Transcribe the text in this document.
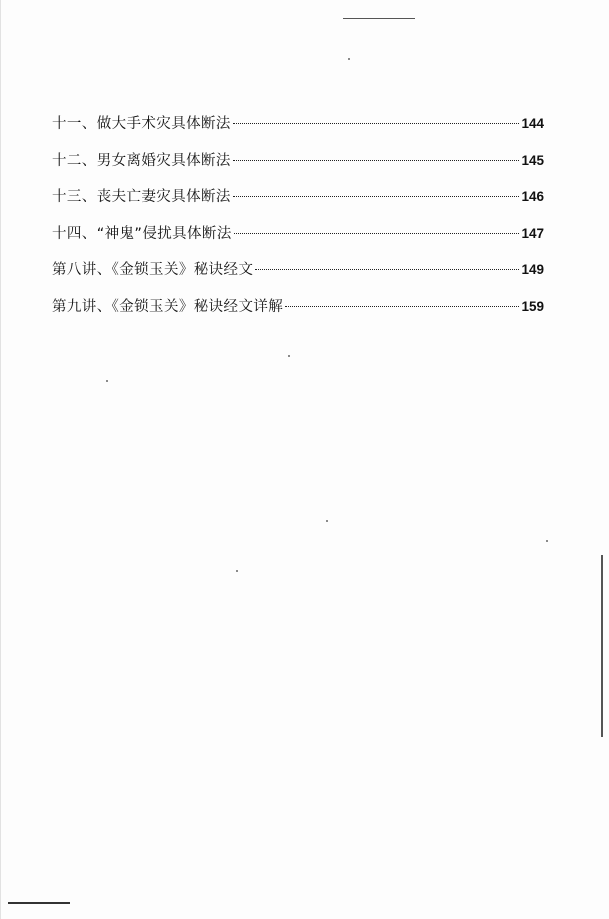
十一、做大手术灾具体断法	144
十二、男女离婚灾具体断法	145
十三、丧夫亡妻灾具体断法	146
十四、“神鬼”侵扰具体断法	147
第八讲、《金锁玉关》秘诀经文	149
第九讲、《金锁玉关》秘诀经文详解	159
